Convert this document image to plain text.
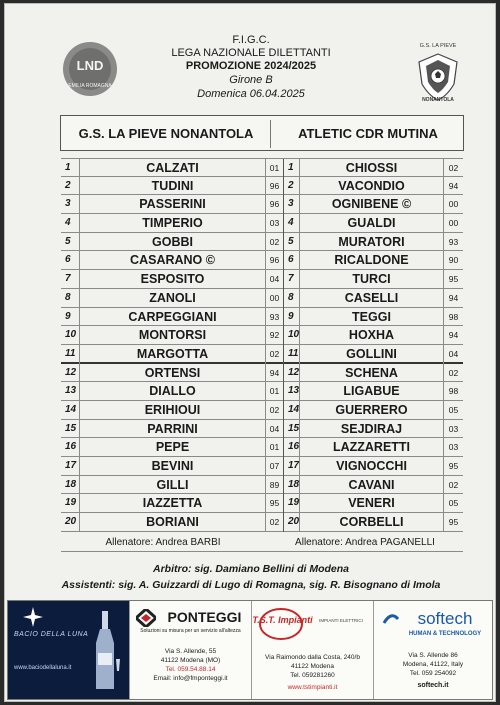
LND
EMILIA ROMAGNA
G.S. LA PIEVE
NONANTOLA
F.I.G.C.
LEGA NAZIONALE DILETTANTI
PROMOZIONE 2024/2025
Girone B
Domenica 06.04.2025
G.S. LA PIEVE NONANTOLA	ATLETIC CDR MUTINA
1	CALZATI	01 1	CHIOSSI	02
2	TUDINI	96 2	VACONDIO	94
3	PASSERINI	96 3	OGNIBENE ©	00
4	TIMPERIO	03 4	GUALDI	00
5	GOBBI	02 5	MURATORI	93
6	CASARANO ©	96 6	RICALDONE	90
7	ESPOSITO	04 7	TURCI	95
8	ZANOLI	00 8	CASELLI	94
9	CARPEGGIANI	93 9	TEGGI	98
10	MONTORSI	92 10	HOXHA	94
11	MARGOTTA	02 11	GOLLINI	04
12	ORTENSI	94 12	SCHENA	02
13	DIALLO	01 13	LIGABUE	98
14	ERIHIOUI	02 14	GUERRERO	05
15	PARRINI	04 15	SEJDIRAJ	03
16	PEPE	01 16	LAZZARETTI	03
17	BEVINI	07 17	VIGNOCCHI	95
18	GILLI	89 18	CAVANI	02
19	IAZZETTA	95 19	VENERI	05
20	BORIANI	02 20	CORBELLI	95
Allenatore: Andrea BARBI	Allenatore: Andrea PAGANELLI
Arbitro: sig. Damiano Bellini di Modena
Assistenti: sig. A. Guizzardi di Lugo di Romagna, sig. R. Bisognano di Imola
BACIO DELLA LUNA
www.baciodellaluna.it
PONTEGGI
Soluzioni su misura per un servizio all'altezza
Via S. Allende, 55
41122 Modena (MO)
Tel. 059.54.88.14
Email: info@fmponteggi.it
T.S.T. Impianti	IMPIANTI ELETTRICI
Via Raimondo dalla Costa, 240/b
41122 Modena
Tel. 059281260
www.tstimpianti.it
softech
HUMAN & TECHNOLOGY
Via S. Allende 86
Modena, 41122, Italy
Tel. 059 254092
softech.it
